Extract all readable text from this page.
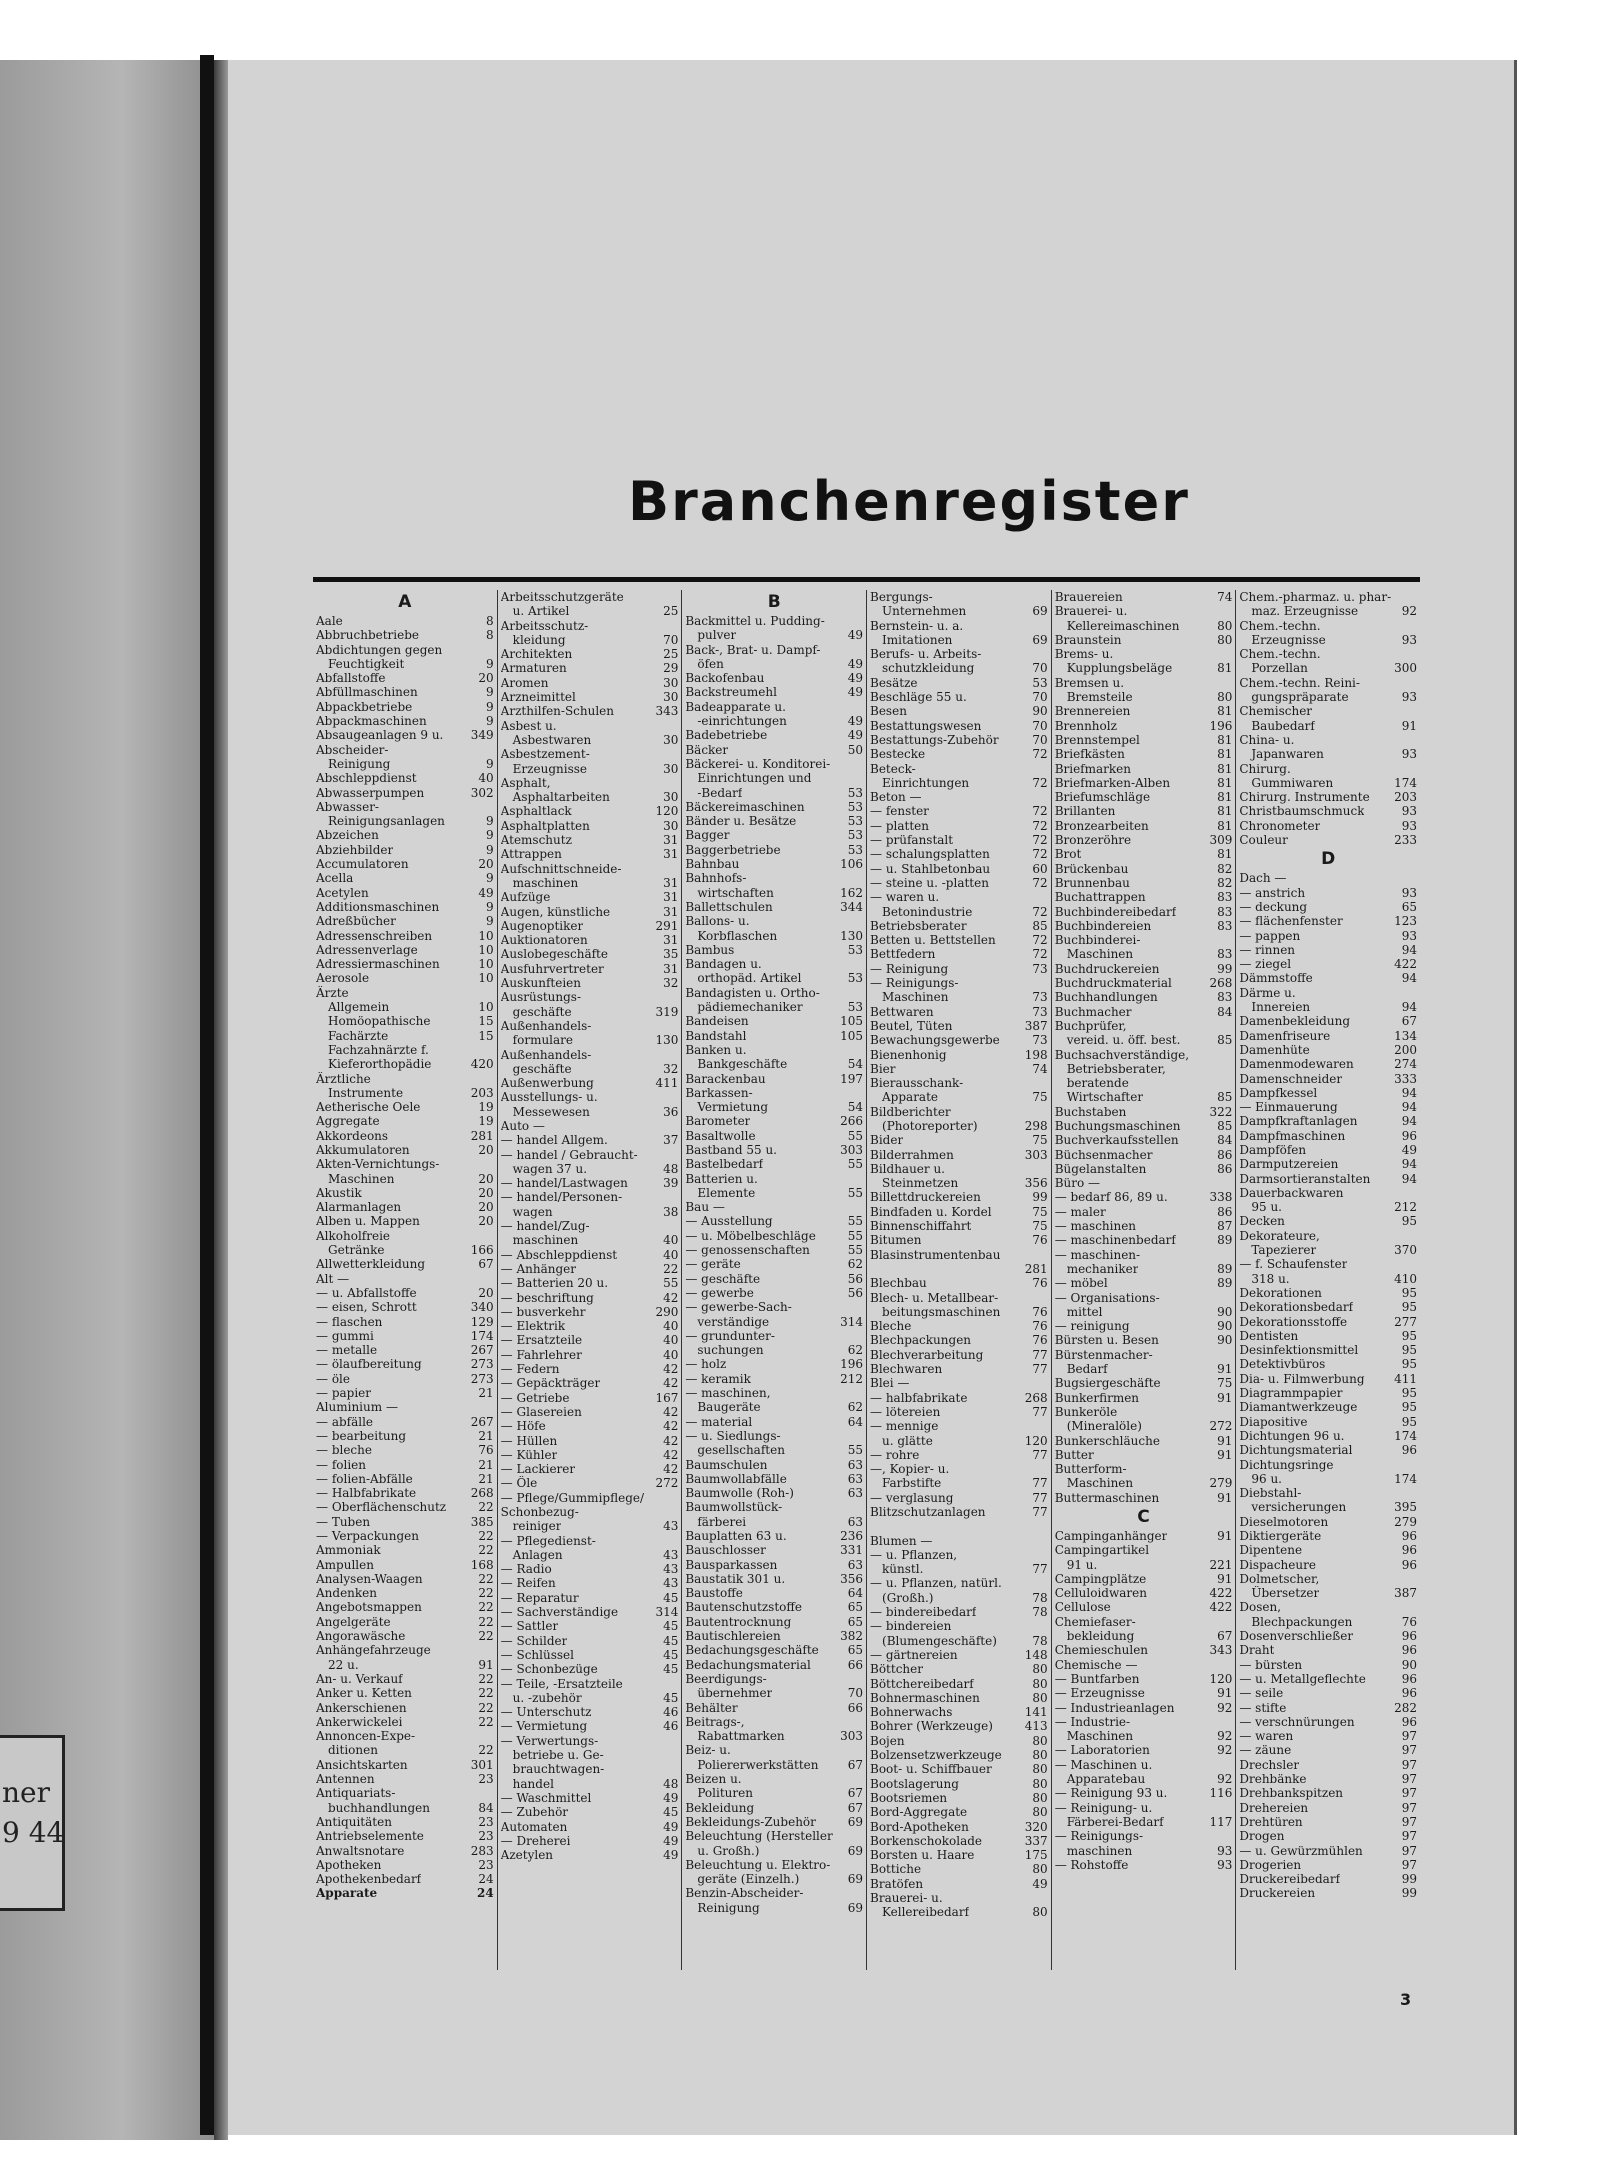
ner
9 44
Branchenregister
A
Aale	8
Abbruchbetriebe	8
Abdichtungen gegen
Feuchtigkeit	9
Abfallstoffe	20
Abfüllmaschinen	9
Abpackbetriebe	9
Abpackmaschinen	9
Absaugeanlagen 9 u. 349
Abscheider-
Reinigung	9
Abschleppdienst	40
Abwasserpumpen	302
Abwasser-
Reinigungsanlagen	9
Abzeichen	9
Abziehbilder	9
Accumulatoren	20
Acella	9
Acetylen	49
Additionsmaschinen	9
Adreßbücher	9
Adressenschreiben	10
Adressenverlage	10
Adressiermaschinen	10
Aerosole	10
Ärzte
Allgemein	10
Homöopathische	15
Fachärzte	15
Fachzahnärzte f.
Kieferorthopädie	420
Ärztliche
Instrumente	203
Aetherische Oele	19
Aggregate	19
Akkordeons	281
Akkumulatoren	20
Akten-Vernichtungs-
Maschinen	20
Akustik	20
Alarmanlagen	20
Alben u. Mappen	20
Alkoholfreie
Getränke	166
Allwetterkleidung	67
Alt —
— u. Abfallstoffe	20
— eisen, Schrott	340
— flaschen	129
— gummi	174
— metalle	267
— ölaufbereitung	273
— öle	273
— papier	21
Aluminium —
— abfälle	267
— bearbeitung	21
— bleche	76
— folien	21
— folien-Abfälle	21
— Halbfabrikate	268
— Oberflächenschutz	22
— Tuben	385
— Verpackungen	22
Ammoniak	22
Ampullen	168
Analysen-Waagen	22
Andenken	22
Angebotsmappen	22
Angelgeräte	22
Angorawäsche	22
Anhängefahrzeuge
22 u.	91
An- u. Verkauf	22
Anker u. Ketten	22
Ankerschienen	22
Ankerwickelei	22
Annoncen-Expe-
ditionen	22
Ansichtskarten	301
Antennen	23
Antiquariats-
buchhandlungen	84
Antiquitäten	23
Antriebselemente	23
Anwaltsnotare	283
Apotheken	23
Apothekenbedarf	24
Apparate	24
Arbeitsschutzgeräte
u. Artikel	25
Arbeitsschutz-
kleidung	70
Architekten	25
Armaturen	29
Aromen	30
Arzneimittel	30
Arzthilfen-Schulen	343
Asbest u.
Asbestwaren	30
Asbestzement-
Erzeugnisse	30
Asphalt,
Asphaltarbeiten	30
Asphaltlack	120
Asphaltplatten	30
Atemschutz	31
Attrappen	31
Aufschnittschneide-
maschinen	31
Aufzüge	31
Augen, künstliche	31
Augenoptiker	291
Auktionatoren	31
Auslobegeschäfte	35
Ausfuhrvertreter	31
Auskunfteien	32
Ausrüstungs-
geschäfte	319
Außenhandels-
formulare	130
Außenhandels-
geschäfte	32
Außenwerbung	411
Ausstellungs- u.
Messewesen	36
Auto —
— handel Allgem.	37
— handel / Gebraucht-
wagen 37 u.	48
— handel/Lastwagen	39
— handel/Personen-
wagen	38
— handel/Zug-
maschinen	40
— Abschleppdienst	40
— Anhänger	22
— Batterien 20 u.	55
— beschriftung	42
— busverkehr	290
— Elektrik	40
— Ersatzteile	40
— Fahrlehrer	40
— Federn	42
— Gepäckträger	42
— Getriebe	167
— Glasereien	42
— Höfe	42
— Hüllen	42
— Kühler	42
— Lackierer	42
— Öle	272
— Pflege/Gummipflege/
Schonbezug-
reiniger	43
— Pflegedienst-
Anlagen	43
— Radio	43
— Reifen	43
— Reparatur	45
— Sachverständige	314
— Sattler	45
— Schilder	45
— Schlüssel	45
— Schonbezüge	45
— Teile, -Ersatzteile
u. -zubehör	45
— Unterschutz	46
— Vermietung	46
— Verwertungs-
betriebe u. Ge-
brauchtwagen-
handel	48
— Waschmittel	49
— Zubehör	45
Automaten	49
— Dreherei	49
Azetylen	49
B
Backmittel u. Pudding-
pulver	49
Back-, Brat- u. Dampf-
öfen	49
Backofenbau	49
Backstreumehl	49
Badeapparate u.
-einrichtungen	49
Badebetriebe	49
Bäcker	50
Bäckerei- u. Konditorei-
Einrichtungen und
-Bedarf	53
Bäckereimaschinen	53
Bänder u. Besätze	53
Bagger	53
Baggerbetriebe	53
Bahnbau	106
Bahnhofs-
wirtschaften	162
Ballettschulen	344
Ballons- u.
Korbflaschen	130
Bambus	53
Bandagen u.
orthopäd. Artikel	53
Bandagisten u. Ortho-
pädiemechaniker	53
Bandeisen	105
Bandstahl	105
Banken u.
Bankgeschäfte	54
Barackenbau	197
Barkassen-
Vermietung	54
Barometer	266
Basaltwolle	55
Bastband 55 u.	303
Bastelbedarf	55
Batterien u.
Elemente	55
Bau —
— Ausstellung	55
— u. Möbelbeschläge	55
— genossenschaften	55
— geräte	62
— geschäfte	56
— gewerbe	56
— gewerbe-Sach-
verständige	314
— grundunter-
suchungen	62
— holz	196
— keramik	212
— maschinen,
Baugeräte	62
— material	64
— u. Siedlungs-
gesellschaften	55
Baumschulen	63
Baumwollabfälle	63
Baumwolle (Roh-)	63
Baumwollstück-
färberei	63
Bauplatten 63 u.	236
Bauschlosser	331
Bausparkassen	63
Baustatik 301 u.	356
Baustoffe	64
Bautenschutzstoffe	65
Bautentrocknung	65
Bautischlereien	382
Bedachungsgeschäfte 65
Bedachungsmaterial	66
Beerdigungs-
übernehmer	70
Behälter	66
Beitrags-,
Rabattmarken	303
Beiz- u.
Poliererwerkstätten 67
Beizen u.
Polituren	67
Bekleidung	67
Bekleidungs-Zubehör	69
Beleuchtung (Hersteller
u. Großh.)	69
Beleuchtung u. Elektro-
geräte (Einzelh.)	69
Benzin-Abscheider-
Reinigung	69
Bergungs-
Unternehmen	69
Bernstein- u. a.
Imitationen	69
Berufs- u. Arbeits-
schutzkleidung	70
Besätze	53
Beschläge 55 u.	70
Besen	90
Bestattungswesen	70
Bestattungs-Zubehör	70
Bestecke	72
Beteck-
Einrichtungen	72
Beton —
— fenster	72
— platten	72
— prüfanstalt	72
— schalungsplatten	72
— u. Stahlbetonbau	60
— steine u. -platten	72
— waren u.
Betonindustrie	72
Betriebsberater	85
Betten u. Bettstellen	72
Bettfedern	72
— Reinigung	73
— Reinigungs-
Maschinen	73
Bettwaren	73
Beutel, Tüten	387
Bewachungsgewerbe	73
Bienenhonig	198
Bier	74
Bierausschank-
Apparate	75
Bildberichter
(Photoreporter)	298
Bider	75
Bilderrahmen	303
Bildhauer u.
Steinmetzen	356
Billettdruckereien	99
Bindfaden u. Kordel	75
Binnenschiffahrt	75
Bitumen	76
Blasinstrumentenbau
281
Blechbau	76
Blech- u. Metallbear-
beitungsmaschinen	76
Bleche	76
Blechpackungen	76
Blechverarbeitung	77
Blechwaren	77
Blei —
— halbfabrikate	268
— lötereien	77
— mennige
u. glätte	120
— rohre	77
—, Kopier- u.
Farbstifte	77
— verglasung	77
Blitzschutzanlagen	77

Blumen —
— u. Pflanzen,
künstl.	77
— u. Pflanzen, natürl.
(Großh.)	78
— bindereibedarf	78
— bindereien
(Blumengeschäfte)	78
— gärtnereien	148
Böttcher	80
Böttchereibedarf	80
Bohnermaschinen	80
Bohnerwachs	141
Bohrer (Werkzeuge)	413
Bojen	80
Bolzensetzwerkzeuge	80
Boot- u. Schiffbauer	80
Bootslagerung	80
Bootsriemen	80
Bord-Aggregate	80
Bord-Apotheken	320
Borkenschokolade	337
Borsten u. Haare	175
Bottiche	80
Bratöfen	49
Brauerei- u.
Kellereibedarf	80
Brauereien	74
Brauerei- u.
Kellereimaschinen	80
Braunstein	80
Brems- u.
Kupplungsbeläge	81
Bremsen u.
Bremsteile	80
Brennereien	81
Brennholz	196
Brennstempel	81
Briefkästen	81
Briefmarken	81
Briefmarken-Alben	81
Briefumschläge	81
Brillanten	81
Bronzearbeiten	81
Bronzeröhre	309
Brot	81
Brückenbau	82
Brunnenbau	82
Buchattrappen	83
Buchbindereibedarf	83
Buchbindereien	83
Buchbinderei-
Maschinen	83
Buchdruckereien	99
Buchdruckmaterial	268
Buchhandlungen	83
Buchmacher	84
Buchprüfer,
vereid. u. öff. best.	85
Buchsachverständige,
Betriebsberater,
beratende
Wirtschafter	85
Buchstaben	322
Buchungsmaschinen	85
Buchverkaufsstellen	84
Büchsenmacher	86
Bügelanstalten	86
Büro —
— bedarf 86, 89 u.	338
— maler	86
— maschinen	87
— maschinenbedarf	89
— maschinen-
mechaniker	89
— möbel	89
— Organisations-
mittel	90
— reinigung	90
Bürsten u. Besen	90
Bürstenmacher-
Bedarf	91
Bugsiergeschäfte	75
Bunkerfirmen	91
Bunkeröle
(Mineralöle)	272
Bunkerschläuche	91
Butter	91
Butterform-
Maschinen	279
Buttermaschinen	91
C
Campinganhänger	91
Campingartikel
91 u.	221
Campingplätze	91
Celluloidwaren	422
Cellulose	422
Chemiefaser-
bekleidung	67
Chemieschulen	343
Chemische —
— Buntfarben	120
— Erzeugnisse	91
— Industrieanlagen	92
— Industrie-
Maschinen	92
— Laboratorien	92
— Maschinen u.
Apparatebau	92
— Reinigung 93 u.	116
— Reinigung- u.
Färberei-Bedarf	117
— Reinigungs-
maschinen	93
— Rohstoffe	93
Chem.-pharmaz. u. phar-
maz. Erzeugnisse	92
Chem.-techn.
Erzeugnisse	93
Chem.-techn.
Porzellan	300
Chem.-techn. Reini-
gungspräparate	93
Chemischer
Baubedarf	91
China- u.
Japanwaren	93
Chirurg.
Gummiwaren	174
Chirurg. Instrumente 203
Christbaumschmuck	93
Chronometer	93
Couleur	233
D
Dach —
— anstrich	93
— deckung	65
— flächenfenster	123
— pappen	93
— rinnen	94
— ziegel	422
Dämmstoffe	94
Därme u.
Innereien	94
Damenbekleidung	67
Damenfriseure	134
Damenhüte	200
Damenmodewaren	274
Damenschneider	333
Dampfkessel	94
— Einmauerung	94
Dampfkraftanlagen	94
Dampfmaschinen	96
Dampföfen	49
Darmputzereien	94
Darmsortieranstalten	94
Dauerbackwaren
95 u.	212
Decken	95
Dekorateure,
Tapezierer	370
— f. Schaufenster
318 u.	410
Dekorationen	95
Dekorationsbedarf	95
Dekorationsstoffe	277
Dentisten	95
Desinfektionsmittel	95
Detektivbüros	95
Dia- u. Filmwerbung 411
Diagrammpapier	95
Diamantwerkzeuge	95
Diapositive	95
Dichtungen 96 u.	174
Dichtungsmaterial	96
Dichtungsringe
96 u.	174
Diebstahl-
versicherungen	395
Dieselmotoren	279
Diktiergeräte	96
Dipentene	96
Dispacheure	96
Dolmetscher,
Übersetzer	387
Dosen,
Blechpackungen	76
Dosenverschließer	96
Draht	96
— bürsten	90
— u. Metallgeflechte	96
— seile	96
— stifte	282
— verschnürungen	96
— waren	97
— zäune	97
Drechsler	97
Drehbänke	97
Drehbankspitzen	97
Drehereien	97
Drehtüren	97
Drogen	97
— u. Gewürzmühlen	97
Drogerien	97
Druckereibedarf	99
Druckereien	99
3
